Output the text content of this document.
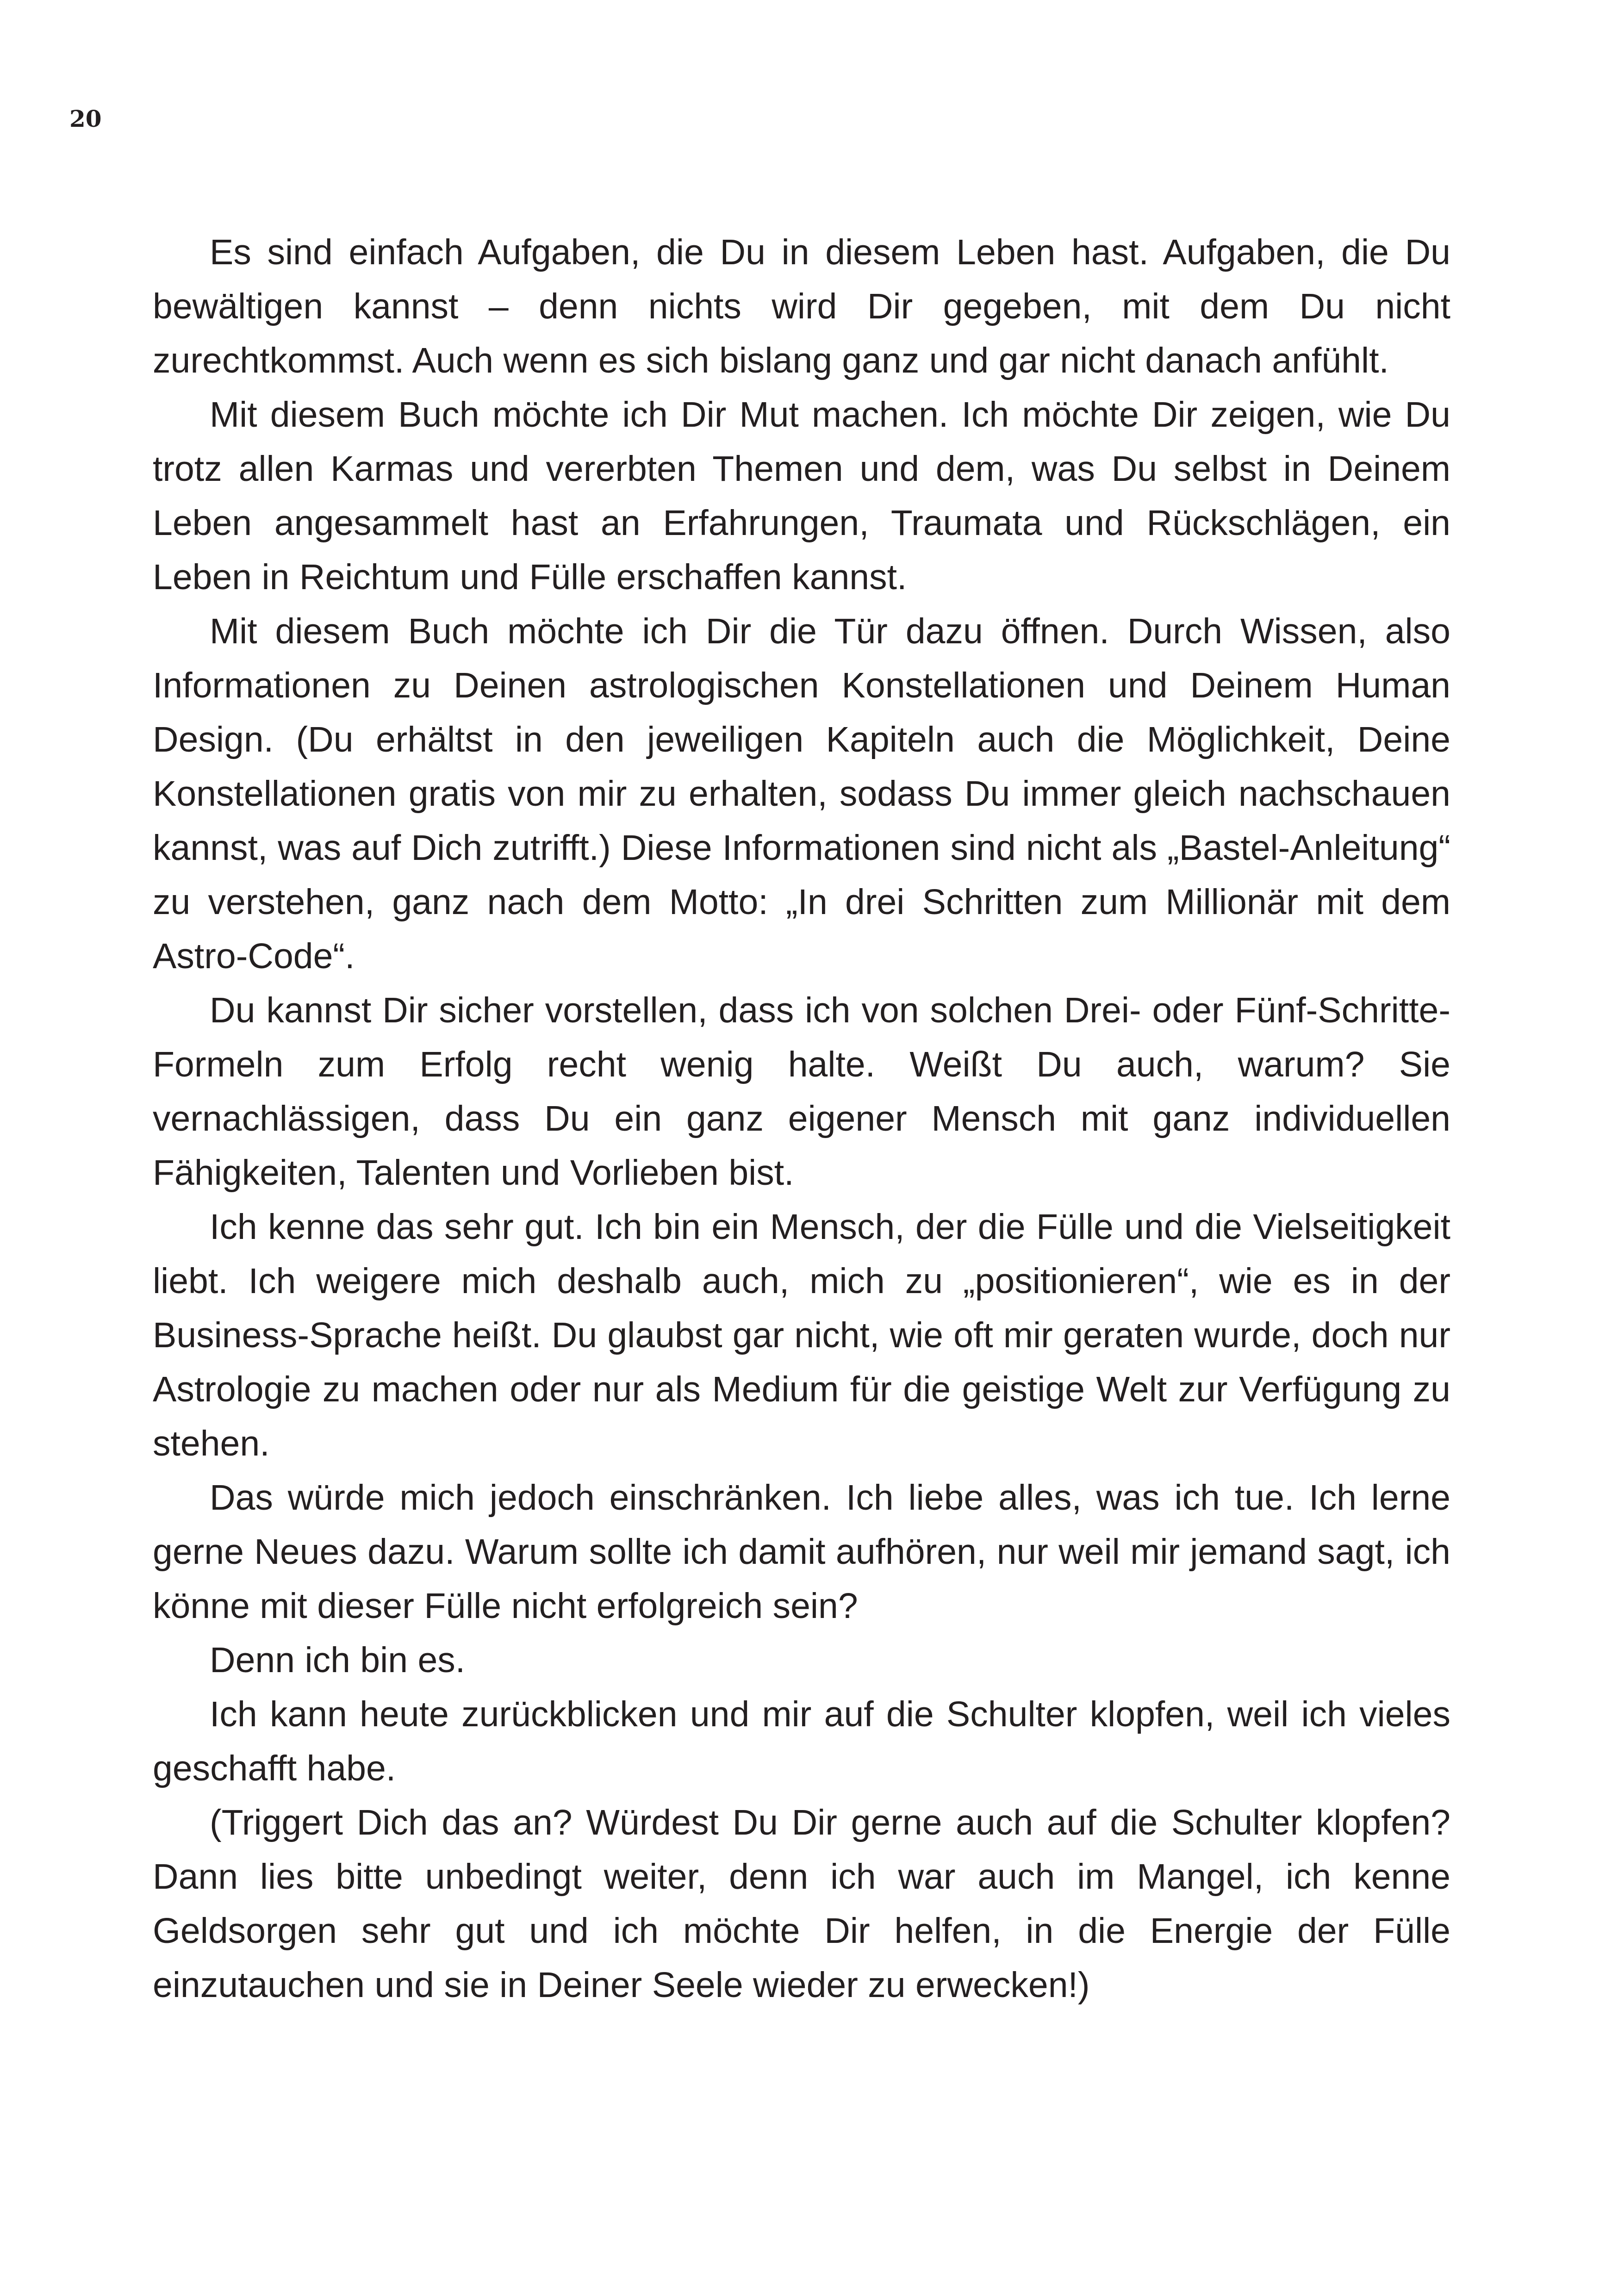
20

Es sind einfach Aufgaben, die Du in diesem Leben hast. Aufgaben, die Du bewältigen kannst – denn nichts wird Dir gegeben, mit dem Du nicht zurechtkommst. Auch wenn es sich bislang ganz und gar nicht danach anfühlt.

Mit diesem Buch möchte ich Dir Mut machen. Ich möchte Dir zeigen, wie Du trotz allen Karmas und vererbten Themen und dem, was Du selbst in Deinem Leben angesammelt hast an Erfahrungen, Traumata und Rückschlägen, ein Leben in Reichtum und Fülle erschaffen kannst.

Mit diesem Buch möchte ich Dir die Tür dazu öffnen. Durch Wissen, also Informationen zu Deinen astrologischen Konstellationen und Deinem Human Design. (Du erhältst in den jeweiligen Kapiteln auch die Möglichkeit, Deine Konstellationen gratis von mir zu erhalten, sodass Du immer gleich nachschauen kannst, was auf Dich zutrifft.) Diese Informationen sind nicht als „Bastel-Anleitung“ zu verstehen, ganz nach dem Motto: „In drei Schritten zum Millionär mit dem Astro-Code“.

Du kannst Dir sicher vorstellen, dass ich von solchen Drei- oder Fünf-Schritte-Formeln zum Erfolg recht wenig halte. Weißt Du auch, warum? Sie vernachlässigen, dass Du ein ganz eigener Mensch mit ganz individuellen Fähigkeiten, Talenten und Vorlieben bist.

Ich kenne das sehr gut. Ich bin ein Mensch, der die Fülle und die Vielseitigkeit liebt. Ich weigere mich deshalb auch, mich zu „positionieren“, wie es in der Business-Sprache heißt. Du glaubst gar nicht, wie oft mir geraten wurde, doch nur Astrologie zu machen oder nur als Medium für die geistige Welt zur Verfügung zu stehen.

Das würde mich jedoch einschränken. Ich liebe alles, was ich tue. Ich lerne gerne Neues dazu. Warum sollte ich damit aufhören, nur weil mir jemand sagt, ich könne mit dieser Fülle nicht erfolgreich sein?

Denn ich bin es.

Ich kann heute zurückblicken und mir auf die Schulter klopfen, weil ich vieles geschafft habe.

(Triggert Dich das an? Würdest Du Dir gerne auch auf die Schulter klopfen? Dann lies bitte unbedingt weiter, denn ich war auch im Mangel, ich kenne Geldsorgen sehr gut und ich möchte Dir helfen, in die Energie der Fülle einzutauchen und sie in Deiner Seele wieder zu erwecken!)
